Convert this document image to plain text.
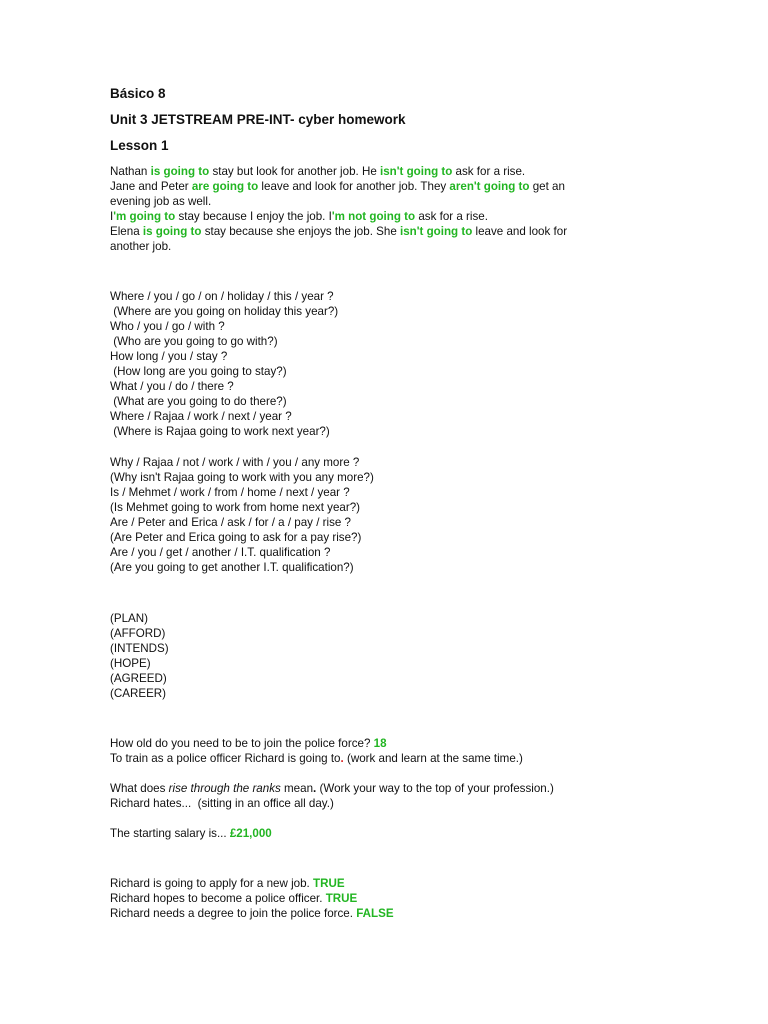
Básico 8
Unit 3 JETSTREAM PRE-INT- cyber homework
Lesson 1
Nathan is going to stay but look for another job. He isn't going to ask for a rise.
Jane and Peter are going to leave and look for another job. They aren't going to get an
evening job as well.
I'm going to stay because I enjoy the job. I'm not going to ask for a rise.
Elena is going to stay because she enjoys the job. She isn't going to leave and look for
another job.
Where / you / go / on / holiday / this / year ?
(Where are you going on holiday this year?)
Who / you / go / with ?
(Who are you going to go with?)
How long / you / stay ?
(How long are you going to stay?)
What / you / do / there ?
(What are you going to do there?)
Where / Rajaa / work / next / year ?
(Where is Rajaa going to work next year?)
Why / Rajaa / not / work / with / you / any more ?
(Why isn't Rajaa going to work with you any more?)
Is / Mehmet / work / from / home / next / year ?
(Is Mehmet going to work from home next year?)
Are / Peter and Erica / ask / for / a / pay / rise ?
(Are Peter and Erica going to ask for a pay rise?)
Are / you / get / another / I.T. qualification ?
(Are you going to get another I.T. qualification?)
(PLAN)
(AFFORD)
(INTENDS)
(HOPE)
(AGREED)
(CAREER)
How old do you need to be to join the police force? 18
To train as a police officer Richard is going to. (work and learn at the same time.)
What does rise through the ranks mean. (Work your way to the top of your profession.)
Richard hates...  (sitting in an office all day.)
The starting salary is... £21,000
Richard is going to apply for a new job. TRUE
Richard hopes to become a police officer. TRUE
Richard needs a degree to join the police force. FALSE
